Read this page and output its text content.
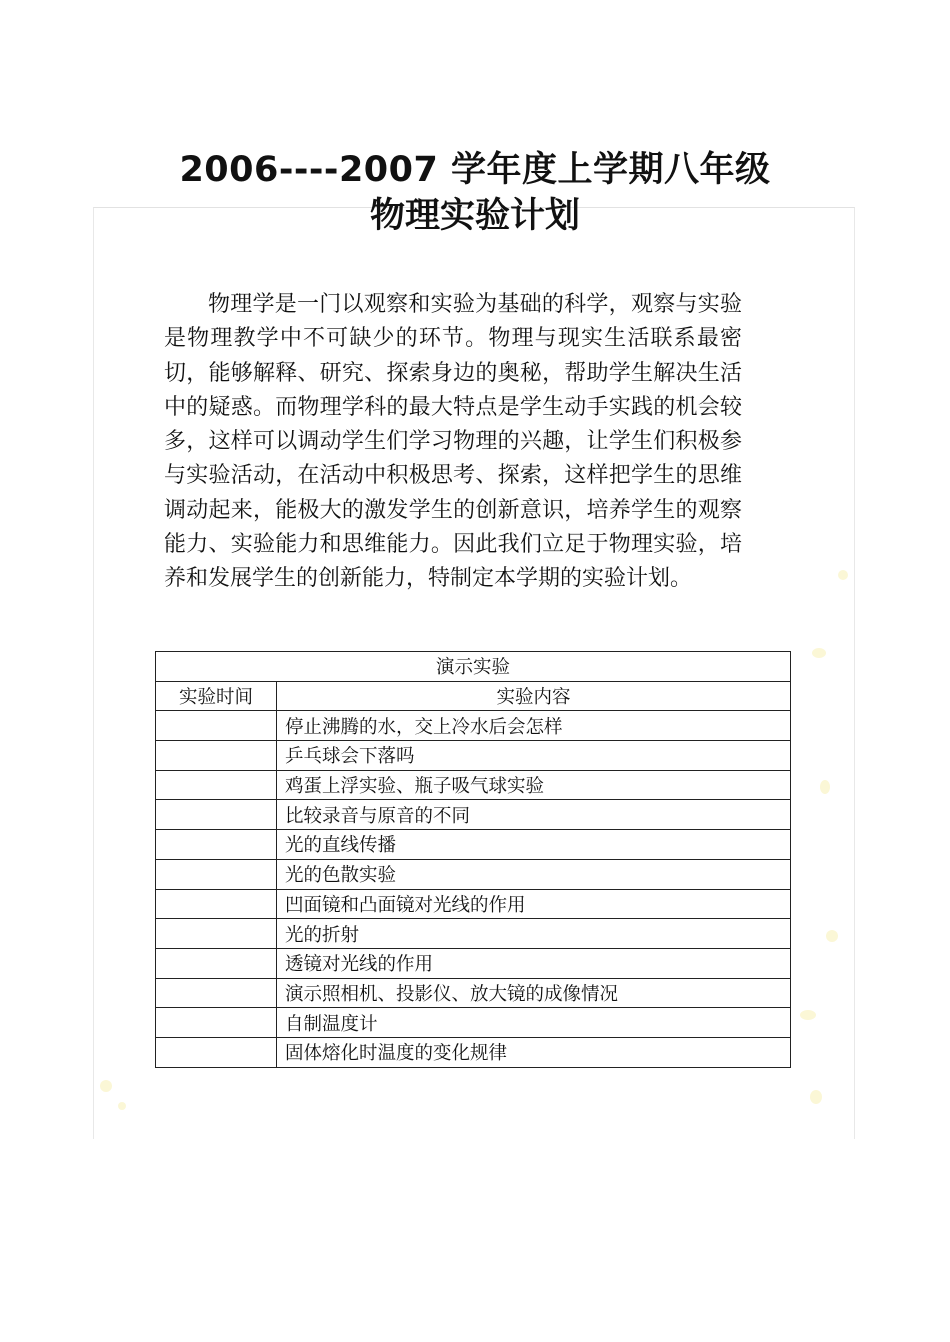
2006----2007 学年度上学期八年级
物理实验计划

物理学是一门以观察和实验为基础的科学，观察与实验是物理教学中不可缺少的环节。物理与现实生活联系最密切，能够解释、研究、探索身边的奥秘，帮助学生解决生活中的疑惑。而物理学科的最大特点是学生动手实践的机会较多，这样可以调动学生们学习物理的兴趣，让学生们积极参与实验活动，在活动中积极思考、探索，这样把学生的思维调动起来，能极大的激发学生的创新意识，培养学生的观察能力、实验能力和思维能力。因此我们立足于物理实验，培养和发展学生的创新能力，特制定本学期的实验计划。

演示实验	
实验时间	实验内容
	停止沸腾的水，交上冷水后会怎样
	乒乓球会下落吗
	鸡蛋上浮实验、瓶子吸气球实验
	比较录音与原音的不同
	光的直线传播
	光的色散实验
	凹面镜和凸面镜对光线的作用
	光的折射
	透镜对光线的作用
	演示照相机、投影仪、放大镜的成像情况
	自制温度计
	固体熔化时温度的变化规律
